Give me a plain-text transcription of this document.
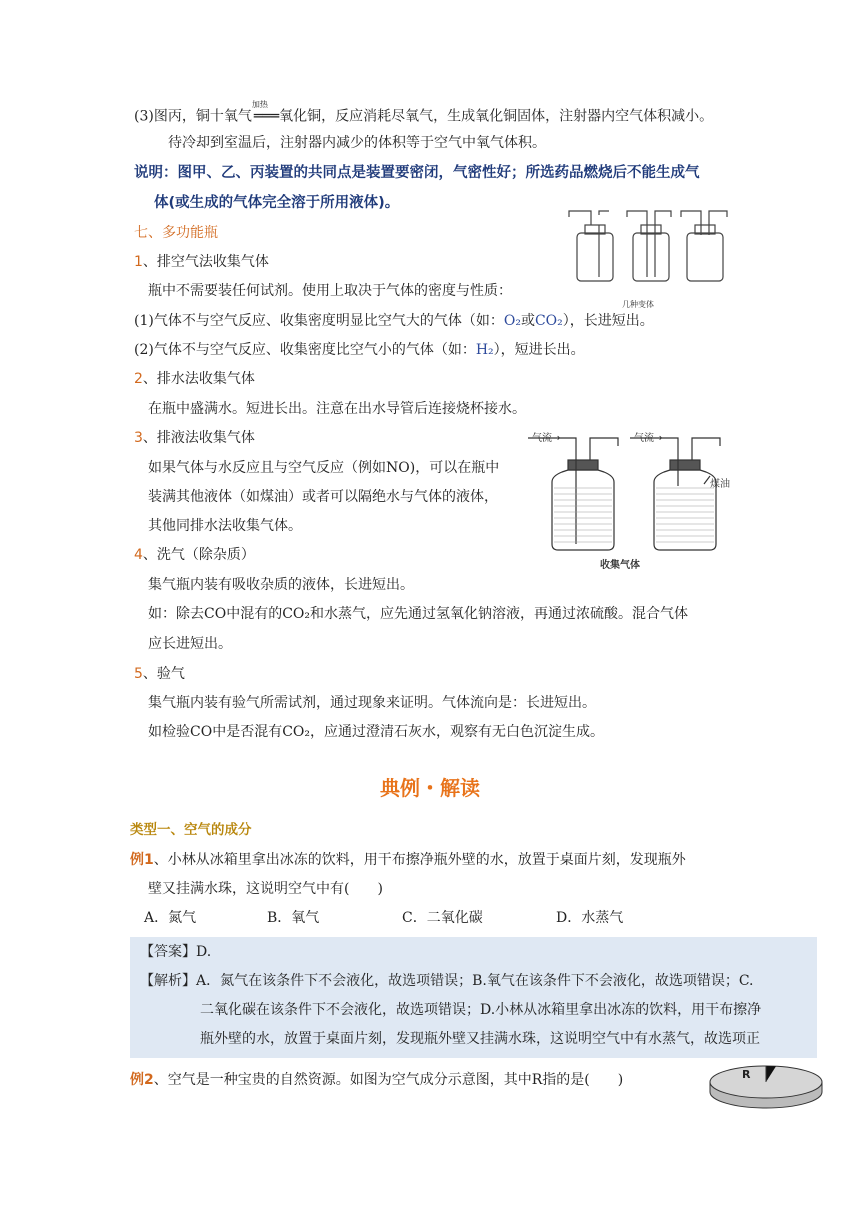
(3)图丙，铜十氧气$^{加热}$═══氧化铜，反应消耗尽氧气，生成氧化铜固体，注射器内空气体积减小。
待冷却到室温后，注射器内减少的体积等于空气中氧气体积。
说明：图甲、乙、丙装置的共同点是装置要密闭，气密性好；所选药品燃烧后不能生成气
体(或生成的气体完全溶于所用液体)。
七、多功能瓶
1、排空气法收集气体
瓶中不需要装任何试剂。使用上取决于气体的密度与性质：
(1)气体不与空气反应、收集密度明显比空气大的气体（如：O₂或CO₂），长进短出。
(2)气体不与空气反应、收集密度比空气小的气体（如：H₂），短进长出。
2、排水法收集气体
在瓶中盛满水。短进长出。注意在出水导管后连接烧杯接水。
3、排液法收集气体
如果气体与水反应且与空气反应（例如NO)，可以在瓶中
装满其他液体（如煤油）或者可以隔绝水与气体的液体，
其他同排水法收集气体。
4、洗气（除杂质）
集气瓶内装有吸收杂质的液体，长进短出。
如：除去CO中混有的CO₂和水蒸气，应先通过氢氧化钠溶液，再通过浓硫酸。混合气体
应长进短出。
5、验气
集气瓶内装有验气所需试剂，通过现象来证明。气体流向是：长进短出。
如检验CO中是否混有CO₂，应通过澄清石灰水，观察有无白色沉淀生成。
几种变体
气流→	气流→
煤油
收集气体
典例・解读
类型一、空气的成分
例1、小林从冰箱里拿出冰冻的饮料，用干布擦净瓶外壁的水，放置于桌面片刻，发现瓶外
壁又挂满水珠，这说明空气中有(　　)
A．氮气	B．氧气	C．二氧化碳	D．水蒸气
【答案】D.
【解析】A．氮气在该条件下不会液化，故选项错误；B.氧气在该条件下不会液化，故选项错误；C.
二氧化碳在该条件下不会液化，故选项错误；D.小林从冰箱里拿出冰冻的饮料，用干布擦净
瓶外壁的水，放置于桌面片刻，发现瓶外壁又挂满水珠，这说明空气中有水蒸气，故选项正
例2、空气是一种宝贵的自然资源。如图为空气成分示意图，其中R指的是(　　)	R
